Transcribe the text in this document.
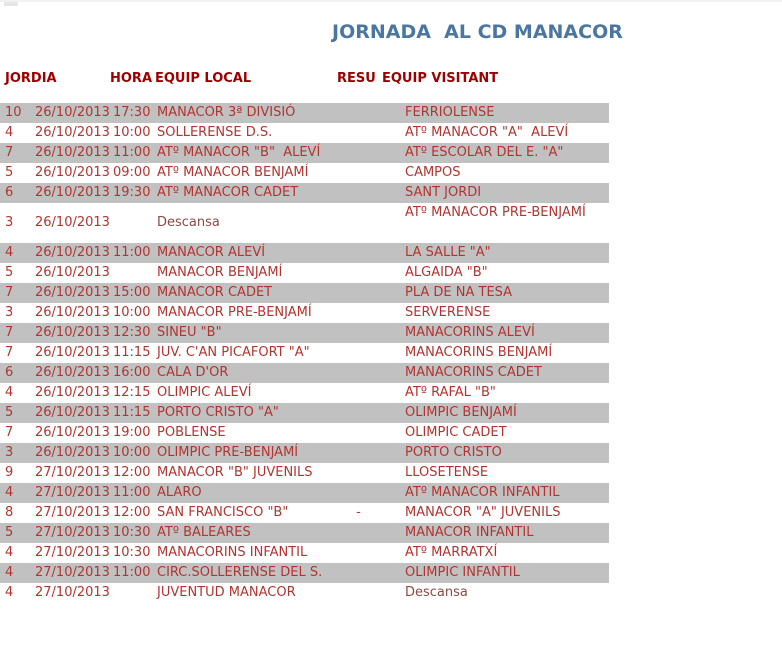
JORNADA  AL CD MANACOR
JORDIA		HORA	EQUIP LOCAL	RESU	EQUIP VISITANT
10	26/10/2013	17:30	MANACOR 3ª DIVISIÓ		FERRIOLENSE
4	26/10/2013	10:00	SOLLERENSE D.S.		ATº MANACOR "A"  ALEVÍ
7	26/10/2013	11:00	ATº MANACOR "B"  ALEVÍ		ATº ESCOLAR DEL E. "A"
5	26/10/2013	09:00	ATº MANACOR BENJAMÍ		CAMPOS
6	26/10/2013	19:30	ATº MANACOR CADET		SANT JORDI
3	26/10/2013		Descansa		ATº MANACOR PRE-BENJAMÍ
4	26/10/2013	11:00	MANACOR ALEVÍ		LA SALLE "A"
5	26/10/2013		MANACOR BENJAMÍ		ALGAIDA "B"
7	26/10/2013	15:00	MANACOR CADET		PLA DE NA TESA
3	26/10/2013	10:00	MANACOR PRE-BENJAMÍ		SERVERENSE
7	26/10/2013	12:30	SINEU "B"		MANACORINS ALEVÍ
7	26/10/2013	11:15	JUV. C'AN PICAFORT "A"		MANACORINS BENJAMÍ
6	26/10/2013	16:00	CALA D'OR		MANACORINS CADET
4	26/10/2013	12:15	OLIMPIC ALEVÍ		ATº RAFAL "B"
5	26/10/2013	11:15	PORTO CRISTO "A"		OLIMPIC BENJAMÍ
7	26/10/2013	19:00	POBLENSE		OLIMPIC CADET
3	26/10/2013	10:00	OLIMPIC PRE-BENJAMÍ		PORTO CRISTO
9	27/10/2013	12:00	MANACOR "B" JUVENILS		LLOSETENSE
4	27/10/2013	11:00	ALARO		ATº MANACOR INFANTIL
8	27/10/2013	12:00	SAN FRANCISCO "B"	-	MANACOR "A" JUVENILS
5	27/10/2013	10:30	ATº BALEARES		MANACOR INFANTIL
4	27/10/2013	10:30	MANACORINS INFANTIL		ATº MARRATXÍ
4	27/10/2013	11:00	CIRC.SOLLERENSE DEL S.		OLIMPIC INFANTIL
4	27/10/2013		JUVENTUD MANACOR		Descansa
